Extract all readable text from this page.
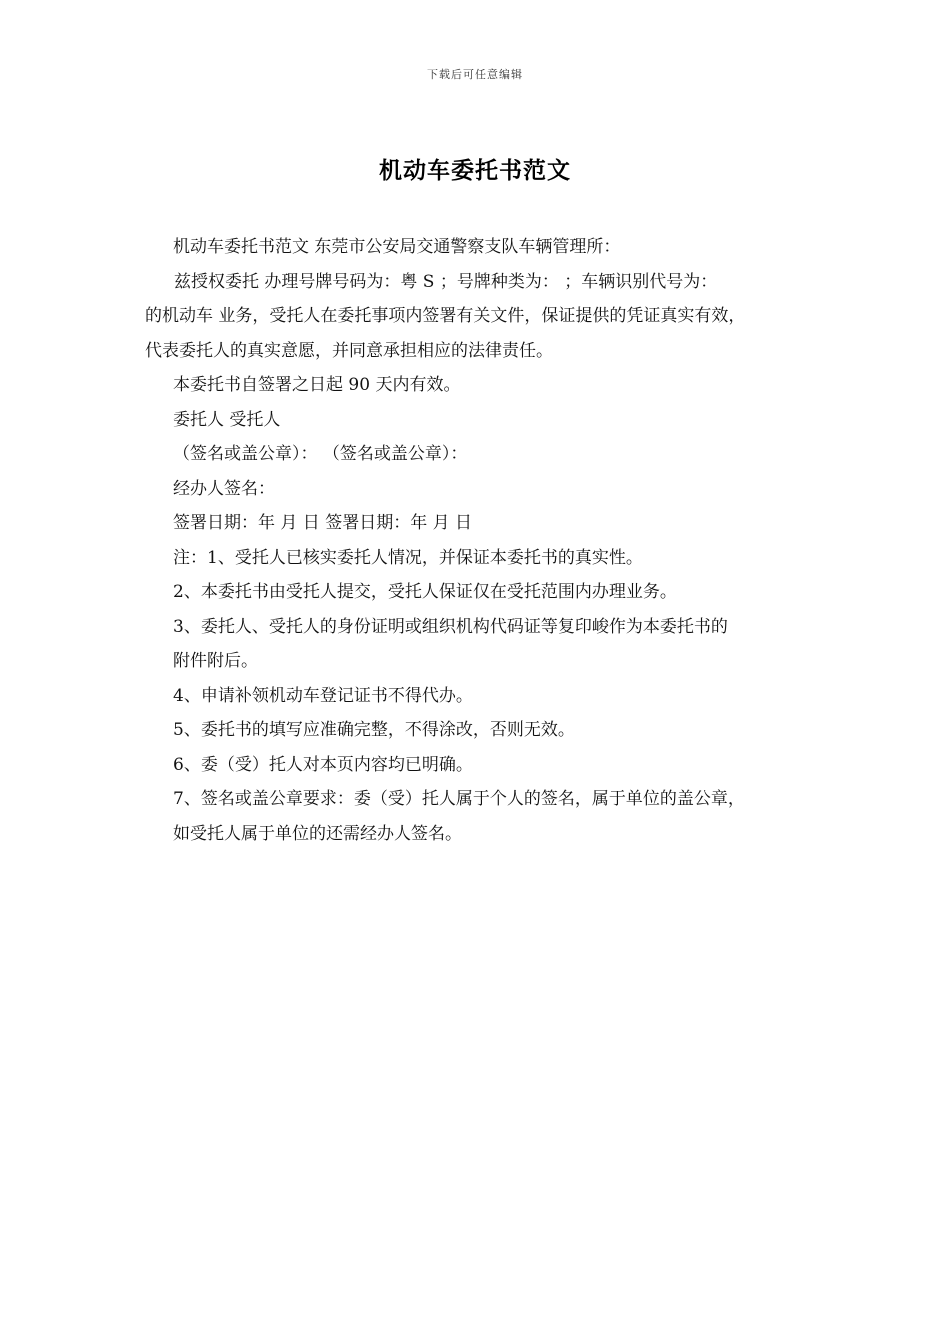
下载后可任意编辑
机动车委托书范文
机动车委托书范文 东莞市公安局交通警察支队车辆管理所：
兹授权委托 办理号牌号码为：粤 S ；号牌种类为： ；车辆识别代号为：
的机动车 业务，受托人在委托事项内签署有关文件，保证提供的凭证真实有效，
代表委托人的真实意愿，并同意承担相应的法律责任。
本委托书自签署之日起 90 天内有效。
委托人 受托人
（签名或盖公章）： （签名或盖公章）：
经办人签名：
签署日期：年 月 日 签署日期：年 月 日
注：1、受托人已核实委托人情况，并保证本委托书的真实性。
2、本委托书由受托人提交，受托人保证仅在受托范围内办理业务。
3、委托人、受托人的身份证明或组织机构代码证等复印峻作为本委托书的
附件附后。
4、申请补领机动车登记证书不得代办。
5、委托书的填写应准确完整，不得涂改，否则无效。
6、委（受）托人对本页内容均已明确。
7、签名或盖公章要求：委（受）托人属于个人的签名，属于单位的盖公章，
如受托人属于单位的还需经办人签名。
